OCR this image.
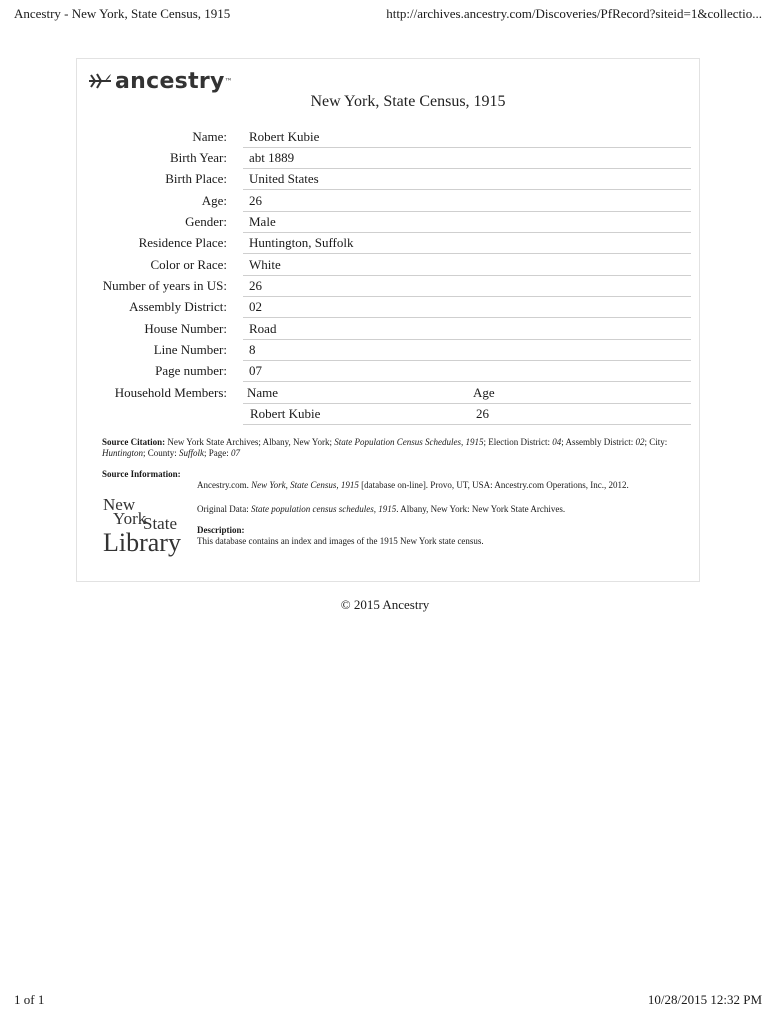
Ancestry - New York, State Census, 1915	http://archives.ancestry.com/Discoveries/PfRecord?siteid=1&collectio...
ancestry ™
New York, State Census, 1915
Name: Robert Kubie
Birth Year: abt 1889
Birth Place: United States
Age: 26
Gender: Male
Residence Place: Huntington, Suffolk
Color or Race: White
Number of years in US: 26
Assembly District: 02
House Number: Road
Line Number: 8
Page number: 07
Household Members: Name	Age
Robert Kubie	26
Source Citation: New York State Archives; Albany, New York; State Population Census Schedules, 1915; Election District: 04; Assembly District: 02; City: Huntington; County: Suffolk; Page: 07
Source Information:
Ancestry.com. New York, State Census, 1915 [database on-line]. Provo, UT, USA: Ancestry.com Operations, Inc., 2012.
Original Data: State population census schedules, 1915. Albany, New York: New York State Archives.
Description:
This database contains an index and images of the 1915 New York state census.
New
York
State
Library
© 2015 Ancestry
1 of 1	10/28/2015 12:32 PM
